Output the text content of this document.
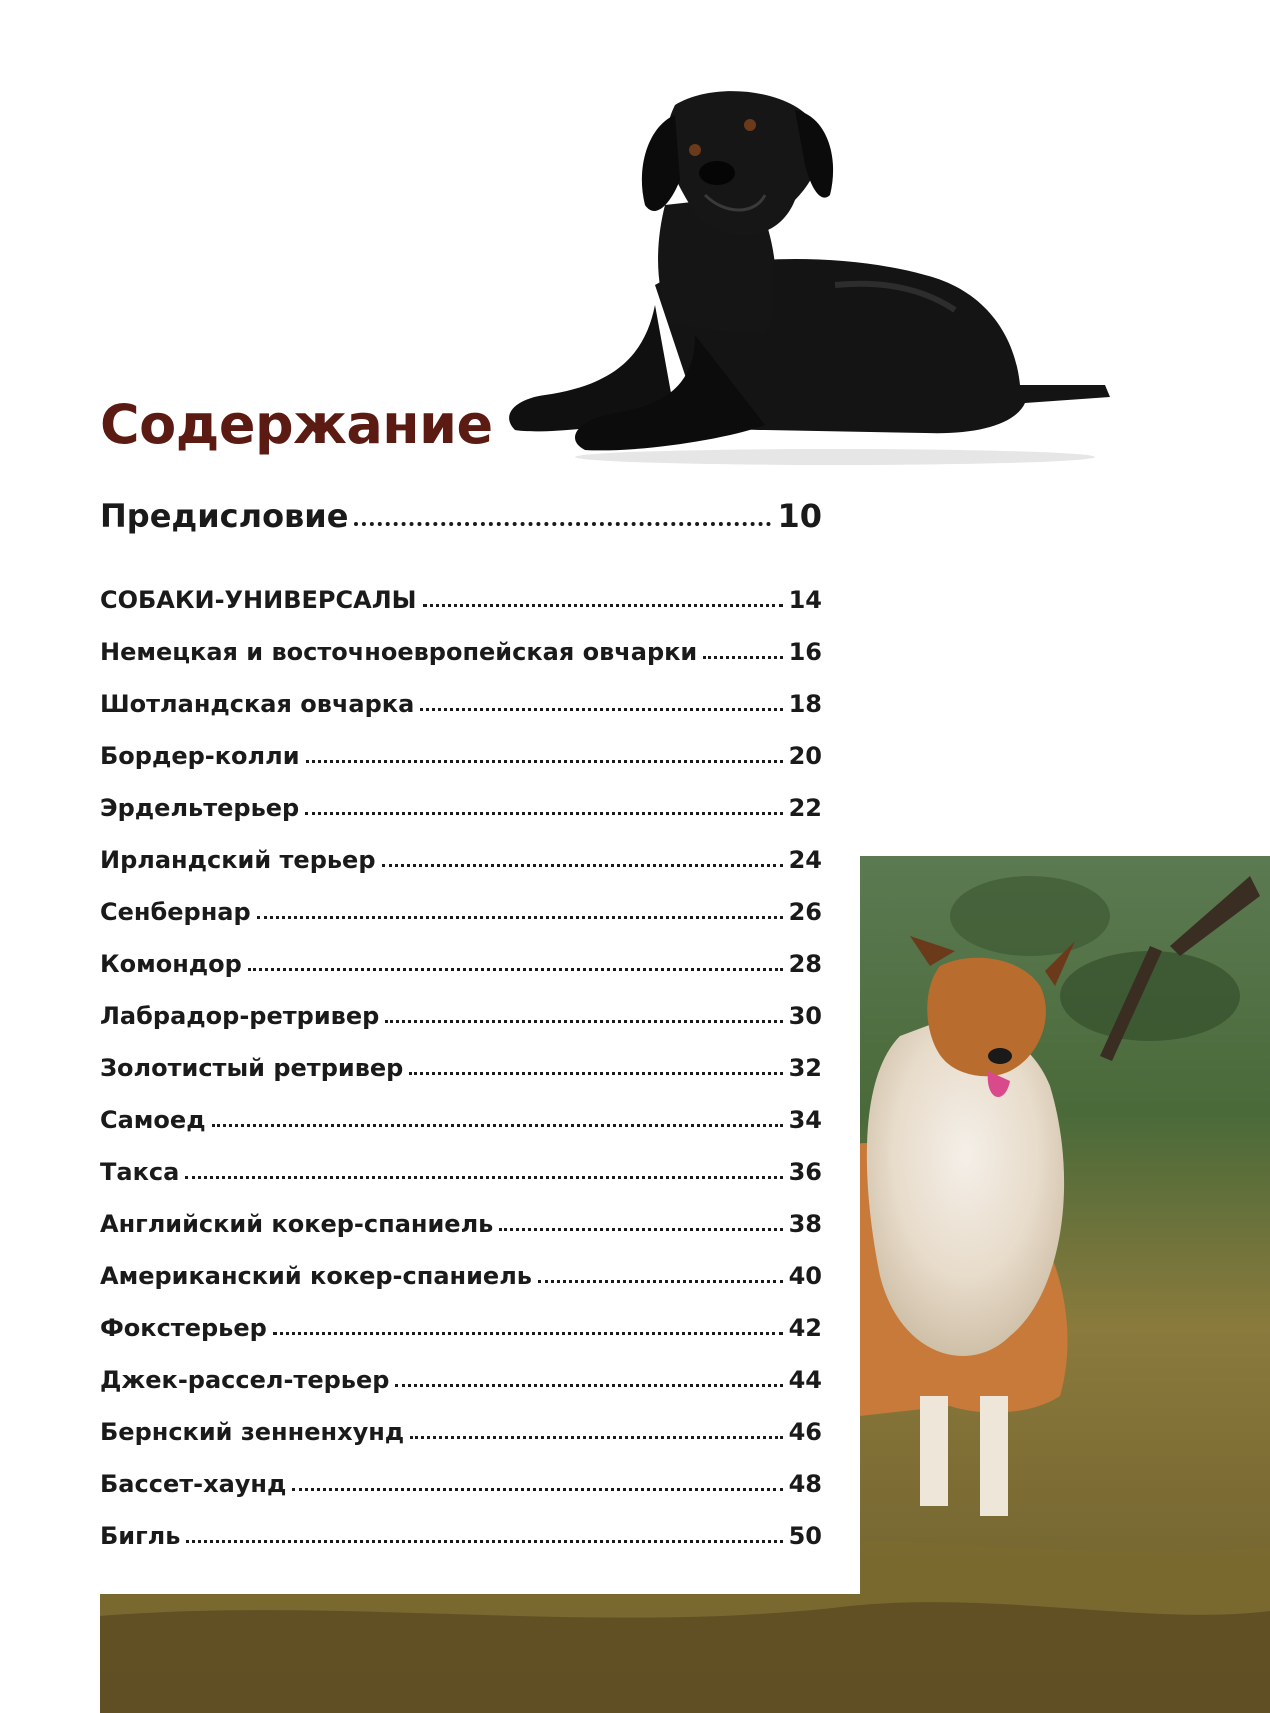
Содержание
Предисловие	10
СОБАКИ-УНИВЕРСАЛЫ	14
Немецкая и восточноевропейская овчарки	16
Шотландская овчарка	18
Бордер-колли	20
Эрдельтерьер	22
Ирландский терьер	24
Сенбернар	26
Комондор	28
Лабрадор-ретривер	30
Золотистый ретривер	32
Самоед	34
Такса	36
Английский кокер-спаниель	38
Американский кокер-спаниель	40
Фокстерьер	42
Джек-рассел-терьер	44
Бернский зенненхунд	46
Бассет-хаунд	48
Бигль	50
